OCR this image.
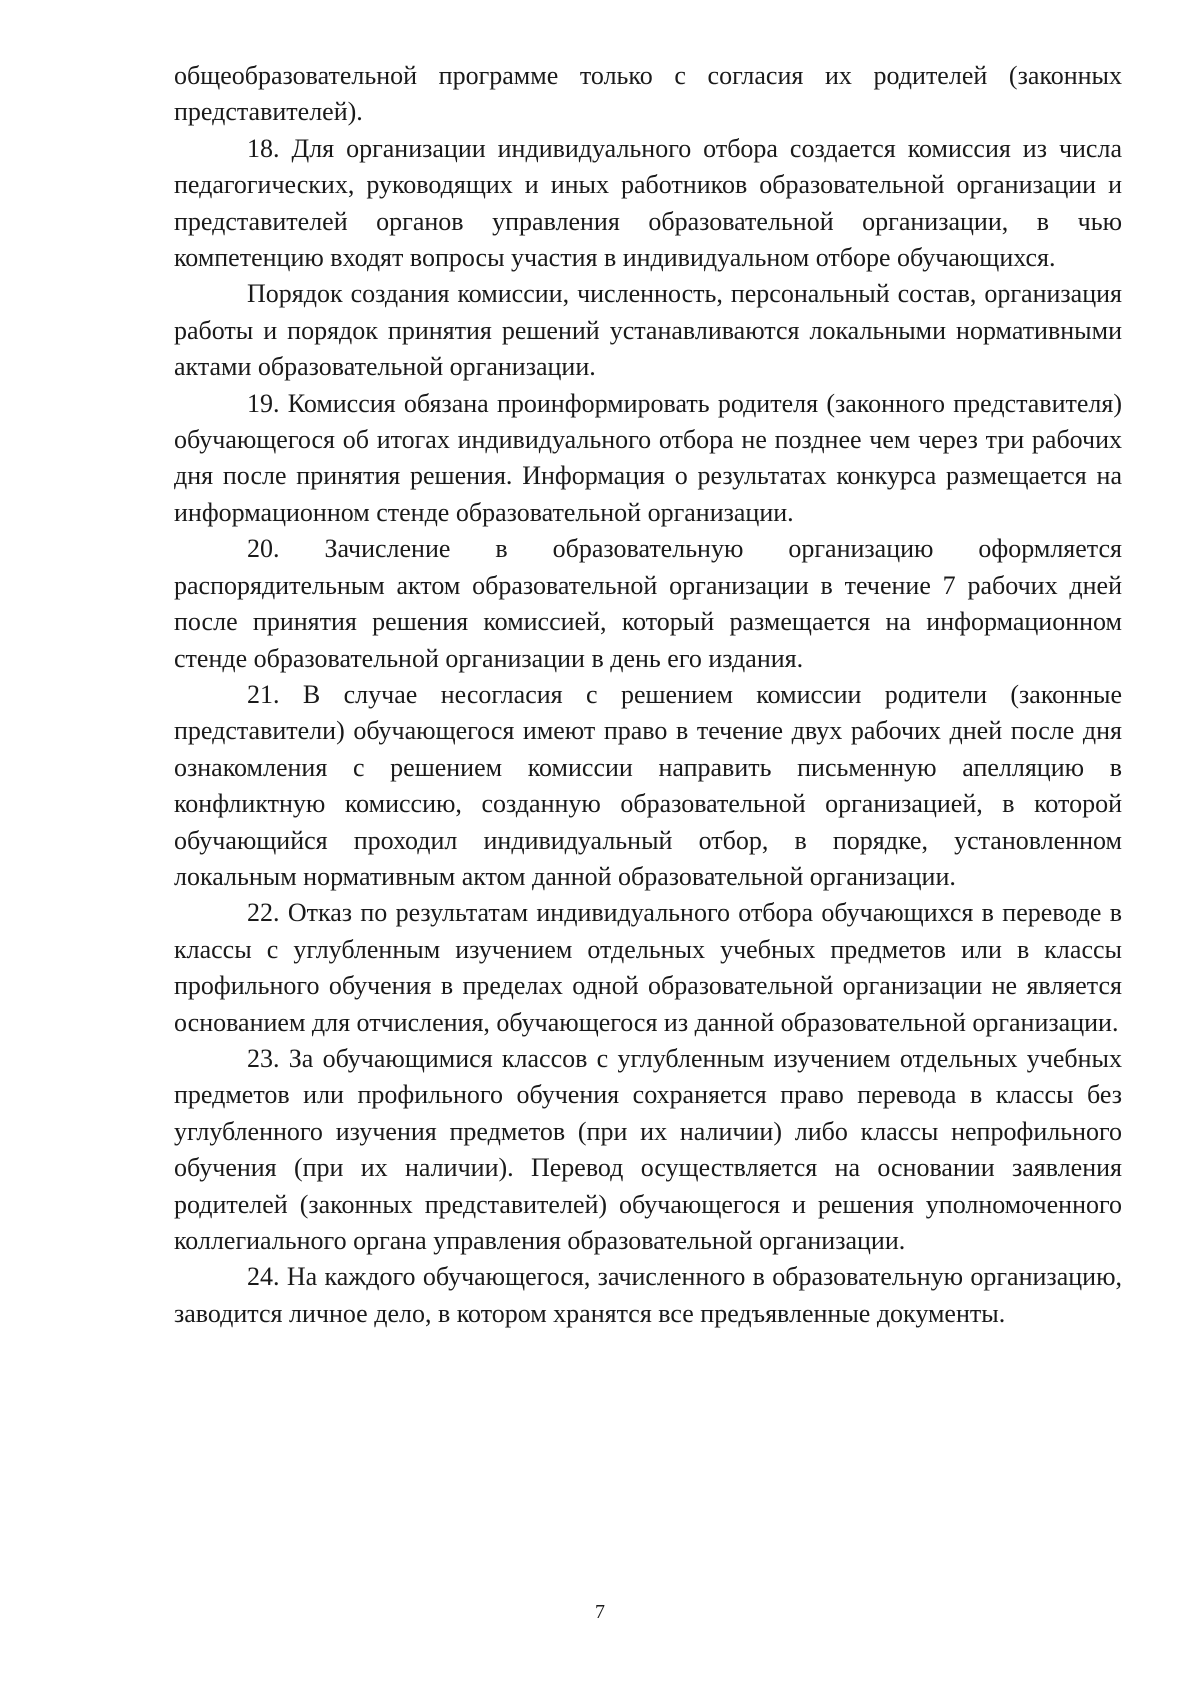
общеобразовательной программе только с согласия их родителей (законных представителей).

18. Для организации индивидуального отбора создается комиссия из числа педагогических, руководящих и иных работников образовательной организации и представителей органов управления образовательной организации, в чью компетенцию входят вопросы участия в индивидуальном отборе обучающихся.

Порядок создания комиссии, численность, персональный состав, организация работы и порядок принятия решений устанавливаются локальными нормативными актами образовательной организации.

19. Комиссия обязана проинформировать родителя (законного представителя) обучающегося об итогах индивидуального отбора не позднее чем через три рабочих дня после принятия решения. Информация о результатах конкурса размещается на информационном стенде образовательной организации.

20. Зачисление в образовательную организацию оформляется распорядительным актом образовательной организации в течение 7 рабочих дней после принятия решения комиссией, который размещается на информационном стенде образовательной организации в день его издания.

21. В случае несогласия с решением комиссии родители (законные представители) обучающегося имеют право в течение двух рабочих дней после дня ознакомления с решением комиссии направить письменную апелляцию в конфликтную комиссию, созданную образовательной организацией, в которой обучающийся проходил индивидуальный отбор, в порядке, установленном локальным нормативным актом данной образовательной организации.

22. Отказ по результатам индивидуального отбора обучающихся в переводе в классы с углубленным изучением отдельных учебных предметов или в классы профильного обучения в пределах одной образовательной организации не является основанием для отчисления, обучающегося из данной образовательной организации.

23. За обучающимися классов с углубленным изучением отдельных учебных предметов или профильного обучения сохраняется право перевода в классы без углубленного изучения предметов (при их наличии) либо классы непрофильного обучения (при их наличии). Перевод осуществляется на основании заявления родителей (законных представителей) обучающегося и решения уполномоченного коллегиального органа управления образовательной организации.

24. На каждого обучающегося, зачисленного в образовательную организацию, заводится личное дело, в котором хранятся все предъявленные документы.

7
